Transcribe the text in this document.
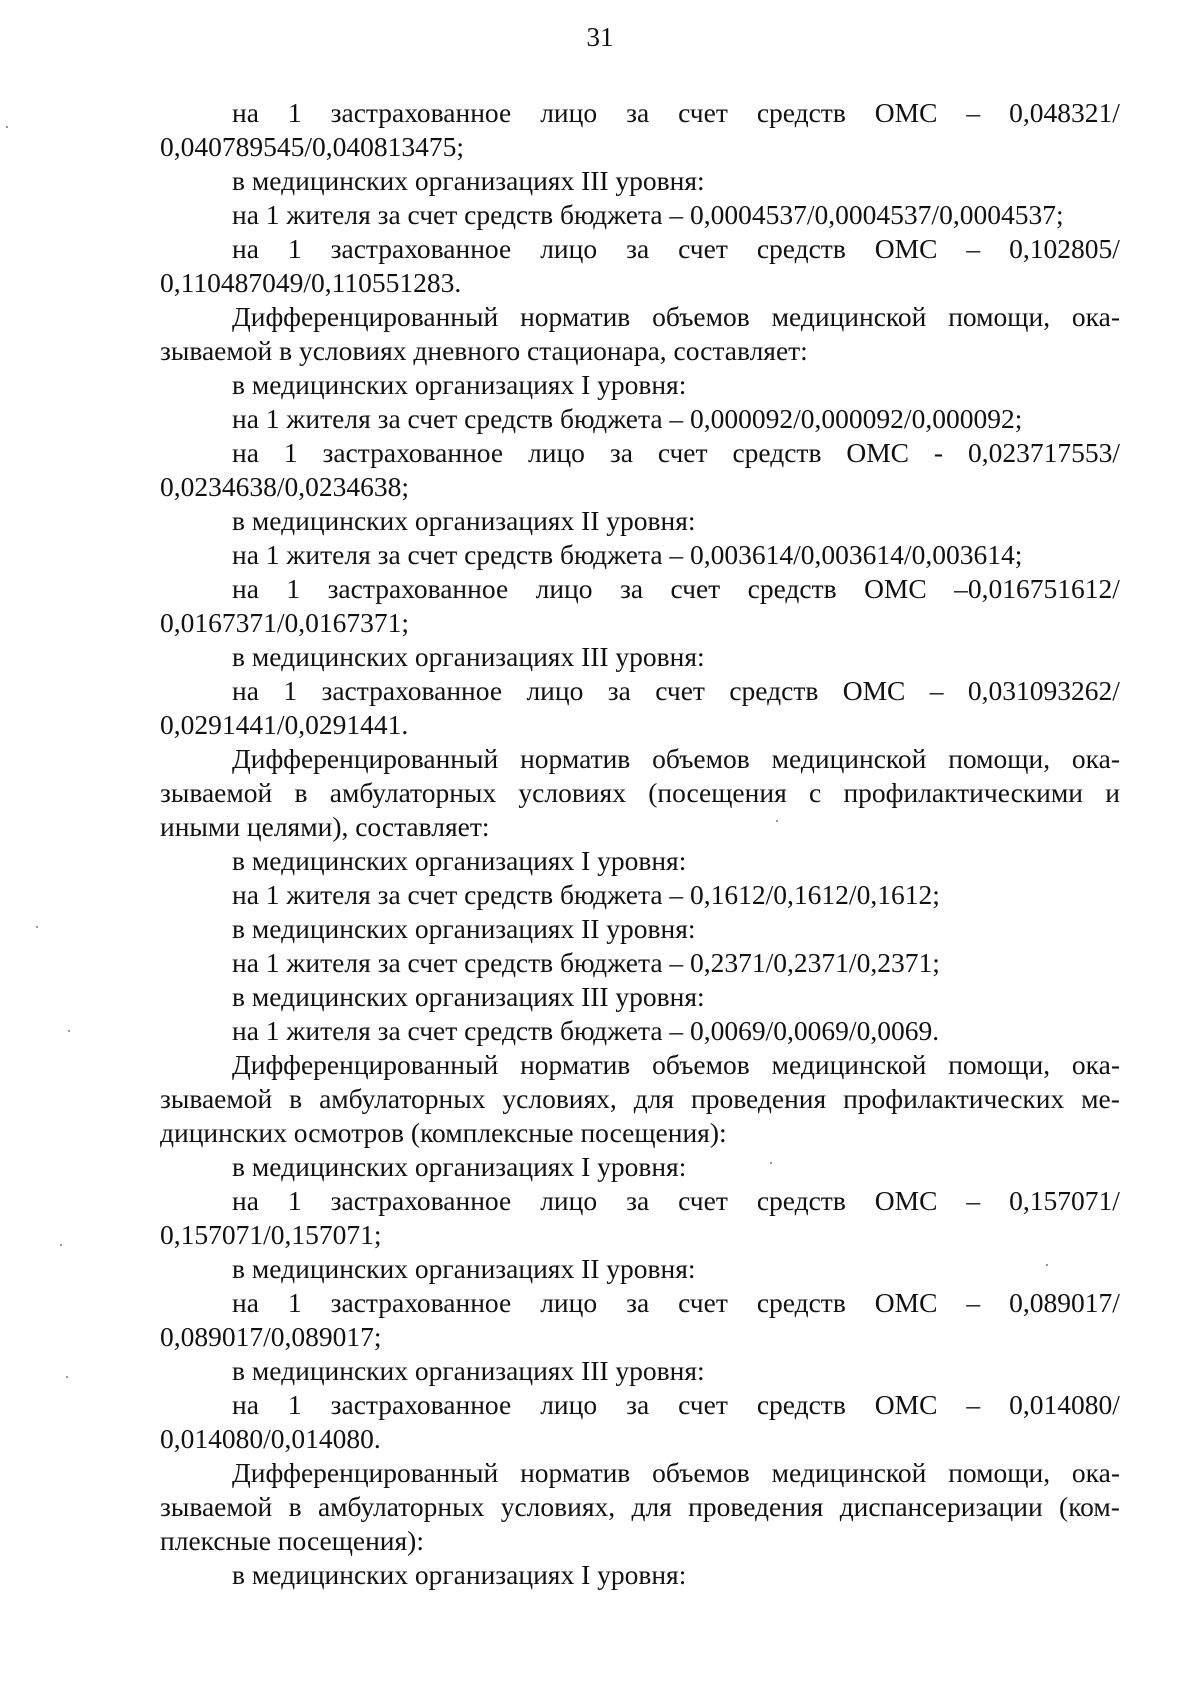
31
на 1 застрахованное лицо за счет средств ОМС – 0,048321/
0,040789545/0,040813475;
в медицинских организациях III уровня:
на 1 жителя за счет средств бюджета – 0,0004537/0,0004537/0,0004537;
на 1 застрахованное лицо за счет средств ОМС – 0,102805/
0,110487049/0,110551283.
Дифференцированный норматив объемов медицинской помощи, ока-
зываемой в условиях дневного стационара, составляет:
в медицинских организациях I уровня:
на 1 жителя за счет средств бюджета – 0,000092/0,000092/0,000092;
на 1 застрахованное лицо за счет средств ОМС - 0,023717553/
0,0234638/0,0234638;
в медицинских организациях II уровня:
на 1 жителя за счет средств бюджета – 0,003614/0,003614/0,003614;
на 1 застрахованное лицо за счет средств ОМС –0,016751612/
0,0167371/0,0167371;
в медицинских организациях III уровня:
на 1 застрахованное лицо за счет средств ОМС – 0,031093262/
0,0291441/0,0291441.
Дифференцированный норматив объемов медицинской помощи, ока-
зываемой в амбулаторных условиях (посещения с профилактическими и
иными целями), составляет:
в медицинских организациях I уровня:
на 1 жителя за счет средств бюджета – 0,1612/0,1612/0,1612;
в медицинских организациях II уровня:
на 1 жителя за счет средств бюджета – 0,2371/0,2371/0,2371;
в медицинских организациях III уровня:
на 1 жителя за счет средств бюджета – 0,0069/0,0069/0,0069.
Дифференцированный норматив объемов медицинской помощи, ока-
зываемой в амбулаторных условиях, для проведения профилактических ме-
дицинских осмотров (комплексные посещения):
в медицинских организациях I уровня:
на 1 застрахованное лицо за счет средств ОМС – 0,157071/
0,157071/0,157071;
в медицинских организациях II уровня:
на 1 застрахованное лицо за счет средств ОМС – 0,089017/
0,089017/0,089017;
в медицинских организациях III уровня:
на 1 застрахованное лицо за счет средств ОМС – 0,014080/
0,014080/0,014080.
Дифференцированный норматив объемов медицинской помощи, ока-
зываемой в амбулаторных условиях, для проведения диспансеризации (ком-
плексные посещения):
в медицинских организациях I уровня:
